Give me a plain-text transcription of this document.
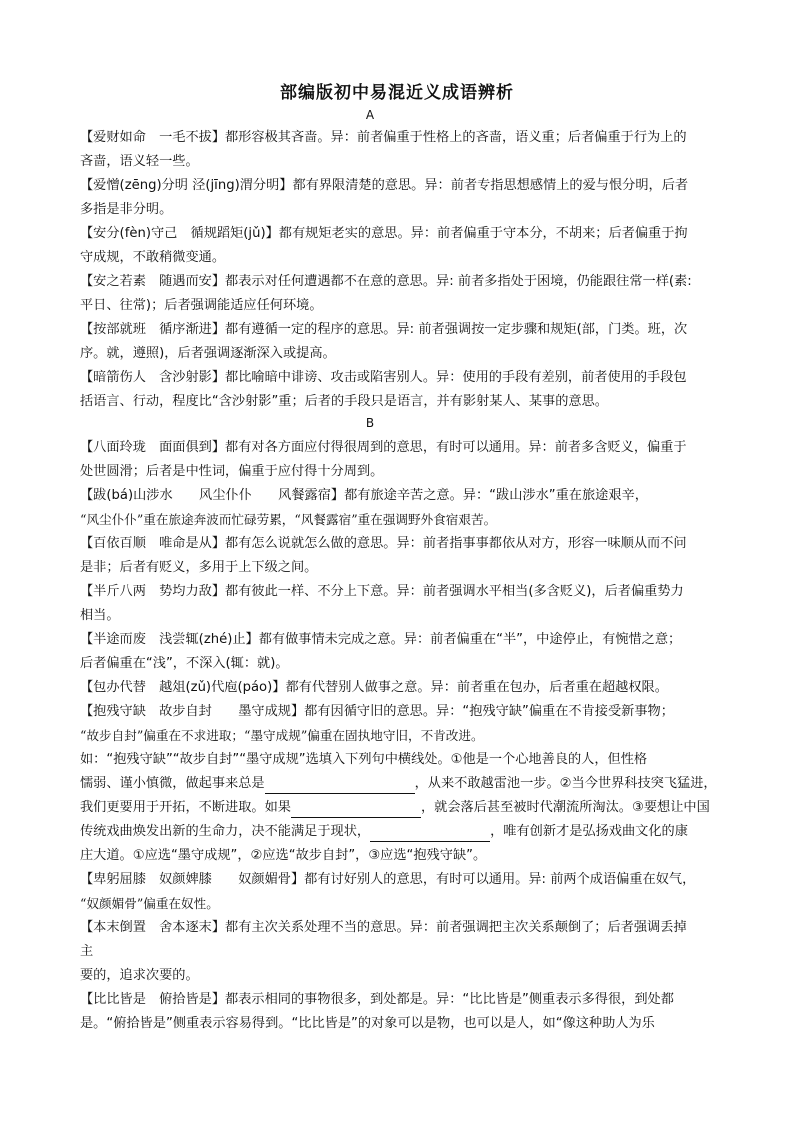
部编版初中易混近义成语辨析
A
【爱财如命　一毛不拔】都形容极其吝啬。异：前者偏重于性格上的吝啬，语义重；后者偏重于行为上的
吝啬，语义轻一些。
【爱憎(zēng)分明 泾(jīng)渭分明】都有界限清楚的意思。异：前者专指思想感情上的爱与恨分明，后者
多指是非分明。
【安分(fèn)守己　循规蹈矩(jǔ)】都有规矩老实的意思。异：前者偏重于守本分，不胡来；后者偏重于拘
守成规，不敢稍微变通。
【安之若素　随遇而安】都表示对任何遭遇都不在意的意思。异: 前者多指处于困境，仍能跟往常一样(素:
平日、往常)；后者强调能适应任何环境。
【按部就班　循序渐进】都有遵循一定的程序的意思。异: 前者强调按一定步骤和规矩(部，门类。班，次
序。就，遵照)，后者强调逐渐深入或提高。
【暗箭伤人　含沙射影】都比喻暗中诽谤、攻击或陷害别人。异：使用的手段有差别，前者使用的手段包
括语言、行动，程度比“含沙射影”重；后者的手段只是语言，并有影射某人、某事的意思。
B
【八面玲珑　面面俱到】都有对各方面应付得很周到的意思，有时可以通用。异：前者多含贬义，偏重于
处世圆滑；后者是中性词，偏重于应付得十分周到。
【跋(bá)山涉水　　风尘仆仆　　风餐露宿】都有旅途辛苦之意。异：“跋山涉水”重在旅途艰辛，
“风尘仆仆”重在旅途奔波而忙碌劳累，“风餐露宿”重在强调野外食宿艰苦。
【百依百顺　唯命是从】都有怎么说就怎么做的意思。异：前者指事事都依从对方，形容一味顺从而不问
是非；后者有贬义，多用于上下级之间。
【半斤八两　势均力敌】都有彼此一样、不分上下意。异：前者强调水平相当(多含贬义)，后者偏重势力
相当。
【半途而废　浅尝辄(zhé)止】都有做事情未完成之意。异：前者偏重在“半”，中途停止，有惋惜之意；
后者偏重在“浅”，不深入(辄：就)。
【包办代替　越俎(zǔ)代庖(páo)】都有代替别人做事之意。异：前者重在包办，后者重在超越权限。
【抱残守缺　故步自封　　墨守成规】都有因循守旧的意思。异：“抱残守缺”偏重在不肯接受新事物；
“故步自封”偏重在不求进取；“墨守成规”偏重在固执地守旧，不肯改进。
如：“抱残守缺”“故步自封”“墨守成规”选填入下列句中横线处。①他是一个心地善良的人，但性格
懦弱、谨小慎微，做起事来总是	，从来不敢越雷池一步。②当今世界科技突飞猛进，
我们更要用于开拓，不断进取。如果	，就会落后甚至被时代潮流所淘汰。③要想让中国
传统戏曲焕发出新的生命力，决不能满足于现状，	，唯有创新才是弘扬戏曲文化的康
庄大道。①应选“墨守成规”，②应选“故步自封”，③应选“抱残守缺”。
【卑躬屈膝　奴颜婢膝　　奴颜媚骨】都有讨好别人的意思，有时可以通用。异: 前两个成语偏重在奴气，
“奴颜媚骨”偏重在奴性。
【本末倒置　舍本逐末】都有主次关系处理不当的意思。异：前者强调把主次关系颠倒了；后者强调丢掉
主
要的，追求次要的。
【比比皆是　俯拾皆是】都表示相同的事物很多，到处都是。异：“比比皆是”侧重表示多得很，到处都
是。“俯拾皆是”侧重表示容易得到。“比比皆是”的对象可以是物，也可以是人，如“像这种助人为乐
